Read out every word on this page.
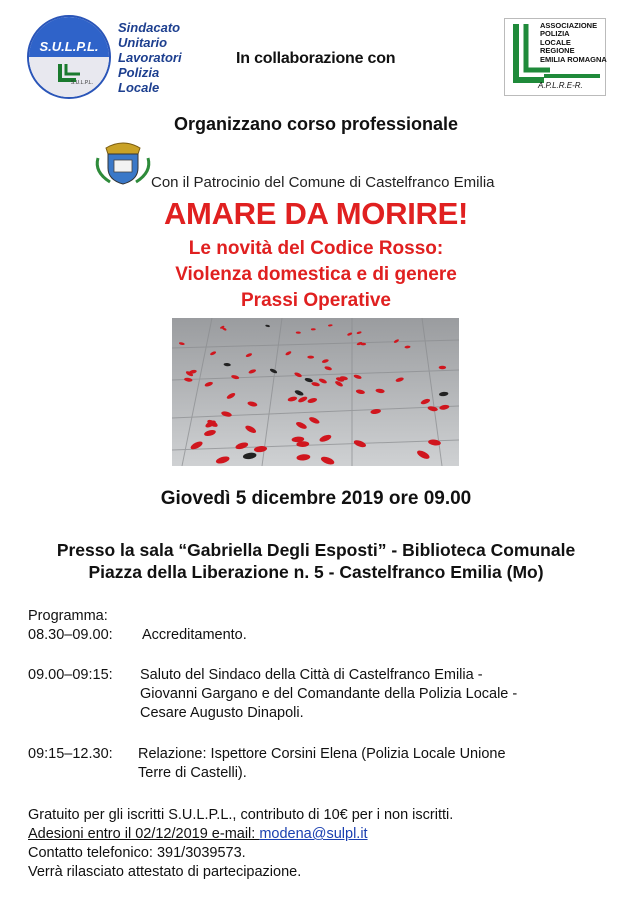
S.U.L.P.L.
S.U.L.P.L.
Sindacato
Unitario
Lavoratori
Polizia
Locale
In collaborazione con
ASSOCIAZIONE
POLIZIA
LOCALE
REGIONE
EMILIA ROMAGNA
A.P.L.R.E-R.
Organizzano corso professionale
Con il Patrocinio del Comune di Castelfranco Emilia
AMARE DA MORIRE!
Le novità del Codice Rosso:
Violenza domestica e di genere
Prassi Operative
Giovedì 5 dicembre 2019 ore 09.00
Presso la sala “Gabriella Degli Esposti” - Biblioteca Comunale
Piazza della Liberazione n. 5 - Castelfranco Emilia (Mo)
Programma:
08.30–09.00: Accreditamento.
09.00–09:15: Saluto del Sindaco della Città di Castelfranco Emilia -
Giovanni Gargano e del Comandante della Polizia Locale -
Cesare Augusto Dinapoli.
09:15–12.30: Relazione: Ispettore Corsini Elena (Polizia Locale Unione
Terre di Castelli).
Gratuito per gli iscritti S.U.L.P.L., contributo di 10€ per i non iscritti.
Adesioni entro il 02/12/2019 e-mail: modena@sulpl.it
Contatto telefonico: 391/3039573.
Verrà rilasciato attestato di partecipazione.
